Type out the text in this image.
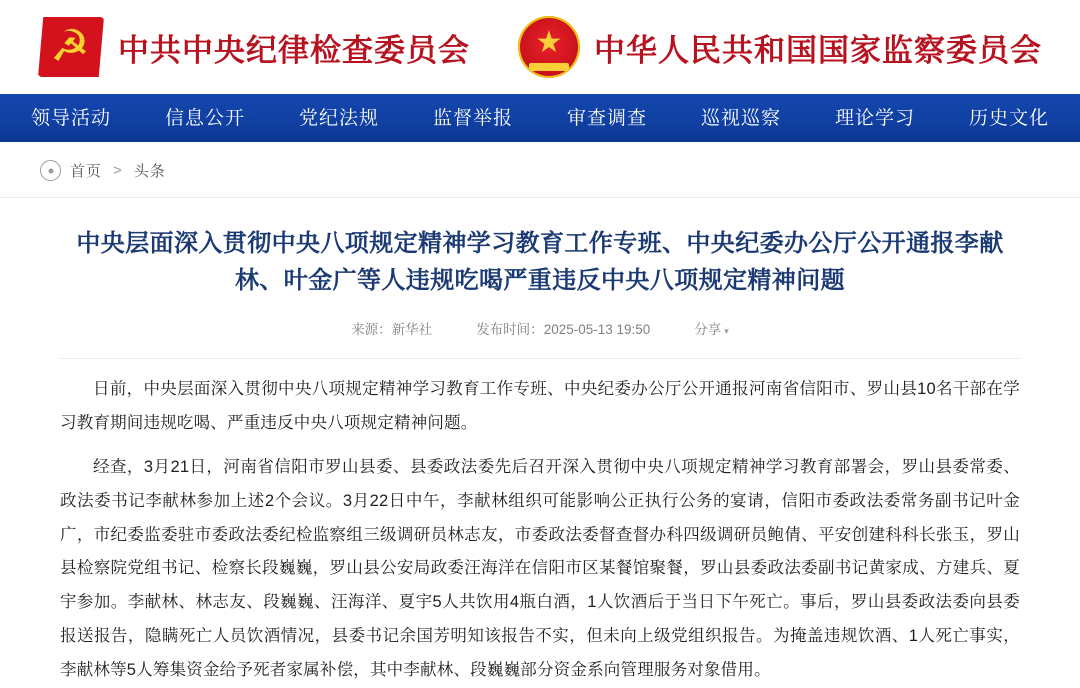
☭ 中共中央纪律检查委员会 ★ 中华人民共和国国家监察委员会
领导活动	信息公开	党纪法规	监督举报	审查调查	巡视巡察	理论学习	历史文化
首页 > 头条
中央层面深入贯彻中央八项规定精神学习教育工作专班、中央纪委办公厅公开通报李献林、叶金广等人违规吃喝严重违反中央八项规定精神问题
来源：新华社	发布时间：2025-05-13 19:50	分享 ▾

日前，中央层面深入贯彻中央八项规定精神学习教育工作专班、中央纪委办公厅公开通报河南省信阳市、罗山县10名干部在学习教育期间违规吃喝、严重违反中央八项规定精神问题。

经查，3月21日，河南省信阳市罗山县委、县委政法委先后召开深入贯彻中央八项规定精神学习教育部署会，罗山县委常委、政法委书记李献林参加上述2个会议。3月22日中午，李献林组织可能影响公正执行公务的宴请，信阳市委政法委常务副书记叶金广，市纪委监委驻市委政法委纪检监察组三级调研员林志友，市委政法委督查督办科四级调研员鲍倩、平安创建科科长张玉，罗山县检察院党组书记、检察长段巍巍，罗山县公安局政委汪海洋在信阳市区某餐馆聚餐，罗山县委政法委副书记黄家成、方建兵、夏宇参加。李献林、林志友、段巍巍、汪海洋、夏宇5人共饮用4瓶白酒，1人饮酒后于当日下午死亡。事后，罗山县委政法委向县委报送报告，隐瞒死亡人员饮酒情况，县委书记余国芳明知该报告不实，但未向上级党组织报告。为掩盖违规饮酒、1人死亡事实，李献林等5人筹集资金给予死者家属补偿，其中李献林、段巍巍部分资金系向管理服务对象借用。
